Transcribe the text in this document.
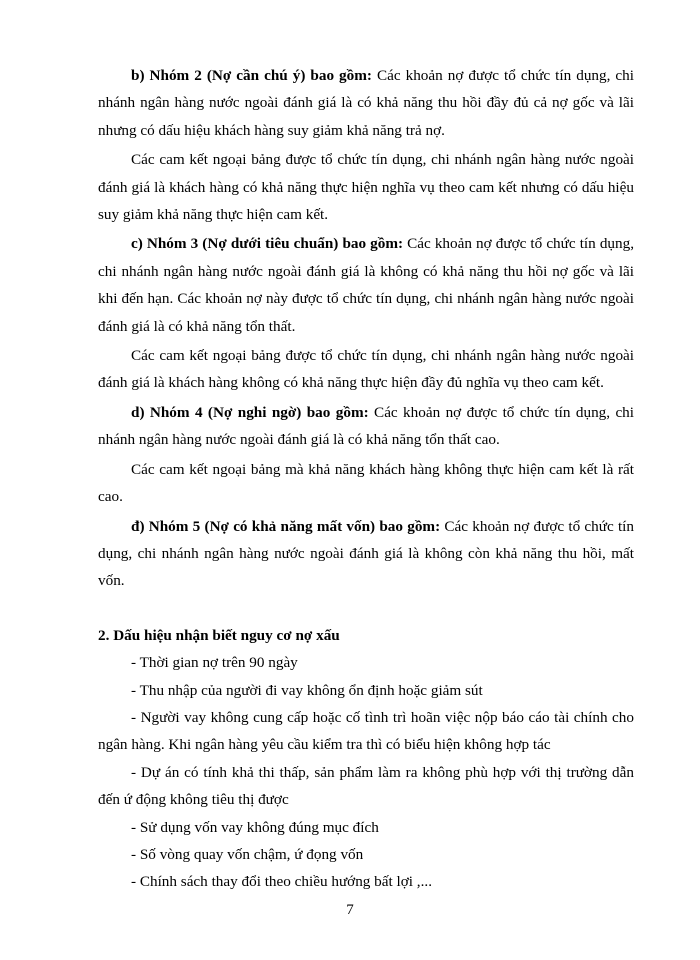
b) Nhóm 2 (Nợ cần chú ý) bao gồm: Các khoản nợ được tổ chức tín dụng, chi nhánh ngân hàng nước ngoài đánh giá là có khả năng thu hồi đầy đủ cả nợ gốc và lãi nhưng có dấu hiệu khách hàng suy giảm khả năng trả nợ.

Các cam kết ngoại bảng được tổ chức tín dụng, chi nhánh ngân hàng nước ngoài đánh giá là khách hàng có khả năng thực hiện nghĩa vụ theo cam kết nhưng có dấu hiệu suy giảm khả năng thực hiện cam kết.

c) Nhóm 3 (Nợ dưới tiêu chuẩn) bao gồm: Các khoản nợ được tổ chức tín dụng, chi nhánh ngân hàng nước ngoài đánh giá là không có khả năng thu hồi nợ gốc và lãi khi đến hạn. Các khoản nợ này được tổ chức tín dụng, chi nhánh ngân hàng nước ngoài đánh giá là có khả năng tổn thất.

Các cam kết ngoại bảng được tổ chức tín dụng, chi nhánh ngân hàng nước ngoài đánh giá là khách hàng không có khả năng thực hiện đầy đủ nghĩa vụ theo cam kết.

d) Nhóm 4 (Nợ nghi ngờ) bao gồm: Các khoản nợ được tổ chức tín dụng, chi nhánh ngân hàng nước ngoài đánh giá là có khả năng tổn thất cao.

Các cam kết ngoại bảng mà khả năng khách hàng không thực hiện cam kết là rất cao.

đ) Nhóm 5 (Nợ có khả năng mất vốn) bao gồm: Các khoản nợ được tổ chức tín dụng, chi nhánh ngân hàng nước ngoài đánh giá là không còn khả năng thu hồi, mất vốn.

2. Dấu hiệu nhận biết nguy cơ nợ xấu

- Thời gian nợ trên 90 ngày

- Thu nhập của người đi vay không ổn định hoặc giảm sút

- Người vay không cung cấp hoặc cố tình trì hoãn việc nộp báo cáo tài chính cho ngân hàng. Khi ngân hàng yêu cầu kiểm tra thì có biểu hiện không hợp tác

- Dự án có tính khả thi thấp, sản phẩm làm ra không phù hợp với thị trường dẫn đến ứ động không tiêu thị được

- Sử dụng vốn vay không đúng mục đích

- Số vòng quay vốn chậm, ứ đọng vốn

- Chính sách thay đổi theo chiều hướng bất lợi ,...

7
